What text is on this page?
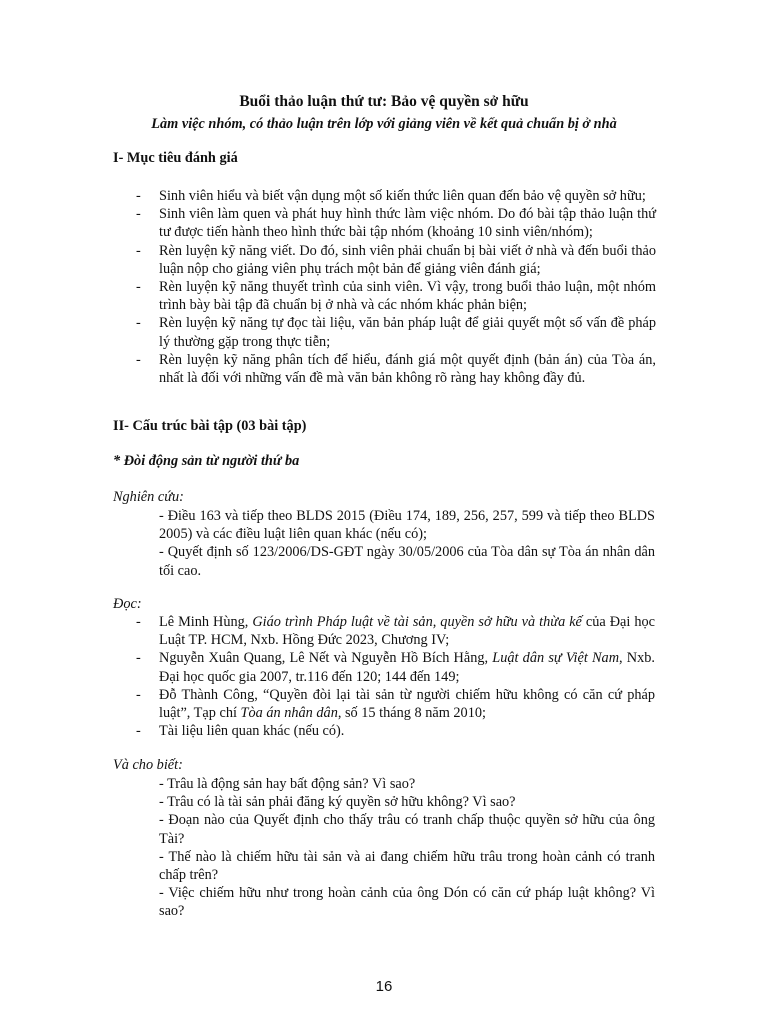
Buổi thảo luận thứ tư: Bảo vệ quyền sở hữu
Làm việc nhóm, có thảo luận trên lớp với giảng viên về kết quả chuẩn bị ở nhà
I- Mục tiêu đánh giá
- Sinh viên hiểu và biết vận dụng một số kiến thức liên quan đến bảo vệ quyền sở hữu;
- Sinh viên làm quen và phát huy hình thức làm việc nhóm. Do đó bài tập thảo luận thứ tư được tiến hành theo hình thức bài tập nhóm (khoảng 10 sinh viên/nhóm);
- Rèn luyện kỹ năng viết. Do đó, sinh viên phải chuẩn bị bài viết ở nhà và đến buổi thảo luận nộp cho giảng viên phụ trách một bản để giảng viên đánh giá;
- Rèn luyện kỹ năng thuyết trình của sinh viên. Vì vậy, trong buổi thảo luận, một nhóm trình bày bài tập đã chuẩn bị ở nhà và các nhóm khác phản biện;
- Rèn luyện kỹ năng tự đọc tài liệu, văn bản pháp luật để giải quyết một số vấn đề pháp lý thường gặp trong thực tiễn;
- Rèn luyện kỹ năng phân tích để hiểu, đánh giá một quyết định (bản án) của Tòa án, nhất là đối với những vấn đề mà văn bản không rõ ràng hay không đầy đủ.
II- Cấu trúc bài tập (03 bài tập)
* Đòi động sản từ người thứ ba
Nghiên cứu:

- Điều 163 và tiếp theo BLDS 2015 (Điều 174, 189, 256, 257, 599 và tiếp theo BLDS 2005) và các điều luật liên quan khác (nếu có);

- Quyết định số 123/2006/DS-GĐT ngày 30/05/2006 của Tòa dân sự Tòa án nhân dân tối cao.

Đọc:
- Lê Minh Hùng, Giáo trình Pháp luật về tài sản, quyền sở hữu và thừa kế của Đại học Luật TP. HCM, Nxb. Hồng Đức 2023, Chương IV;
- Nguyễn Xuân Quang, Lê Nết và Nguyễn Hồ Bích Hằng, Luật dân sự Việt Nam, Nxb. Đại học quốc gia 2007, tr.116 đến 120; 144 đến 149;
- Đỗ Thành Công, “Quyền đòi lại tài sản từ người chiếm hữu không có căn cứ pháp luật”, Tạp chí Tòa án nhân dân, số 15 tháng 8 năm 2010;
- Tài liệu liên quan khác (nếu có).
Và cho biết:

- Trâu là động sản hay bất động sản? Vì sao?

- Trâu có là tài sản phải đăng ký quyền sở hữu không? Vì sao?

- Đoạn nào của Quyết định cho thấy trâu có tranh chấp thuộc quyền sở hữu của ông Tài?

- Thế nào là chiếm hữu tài sản và ai đang chiếm hữu trâu trong hoàn cảnh có tranh chấp trên?

- Việc chiếm hữu như trong hoàn cảnh của ông Dón có căn cứ pháp luật không? Vì sao?

16
